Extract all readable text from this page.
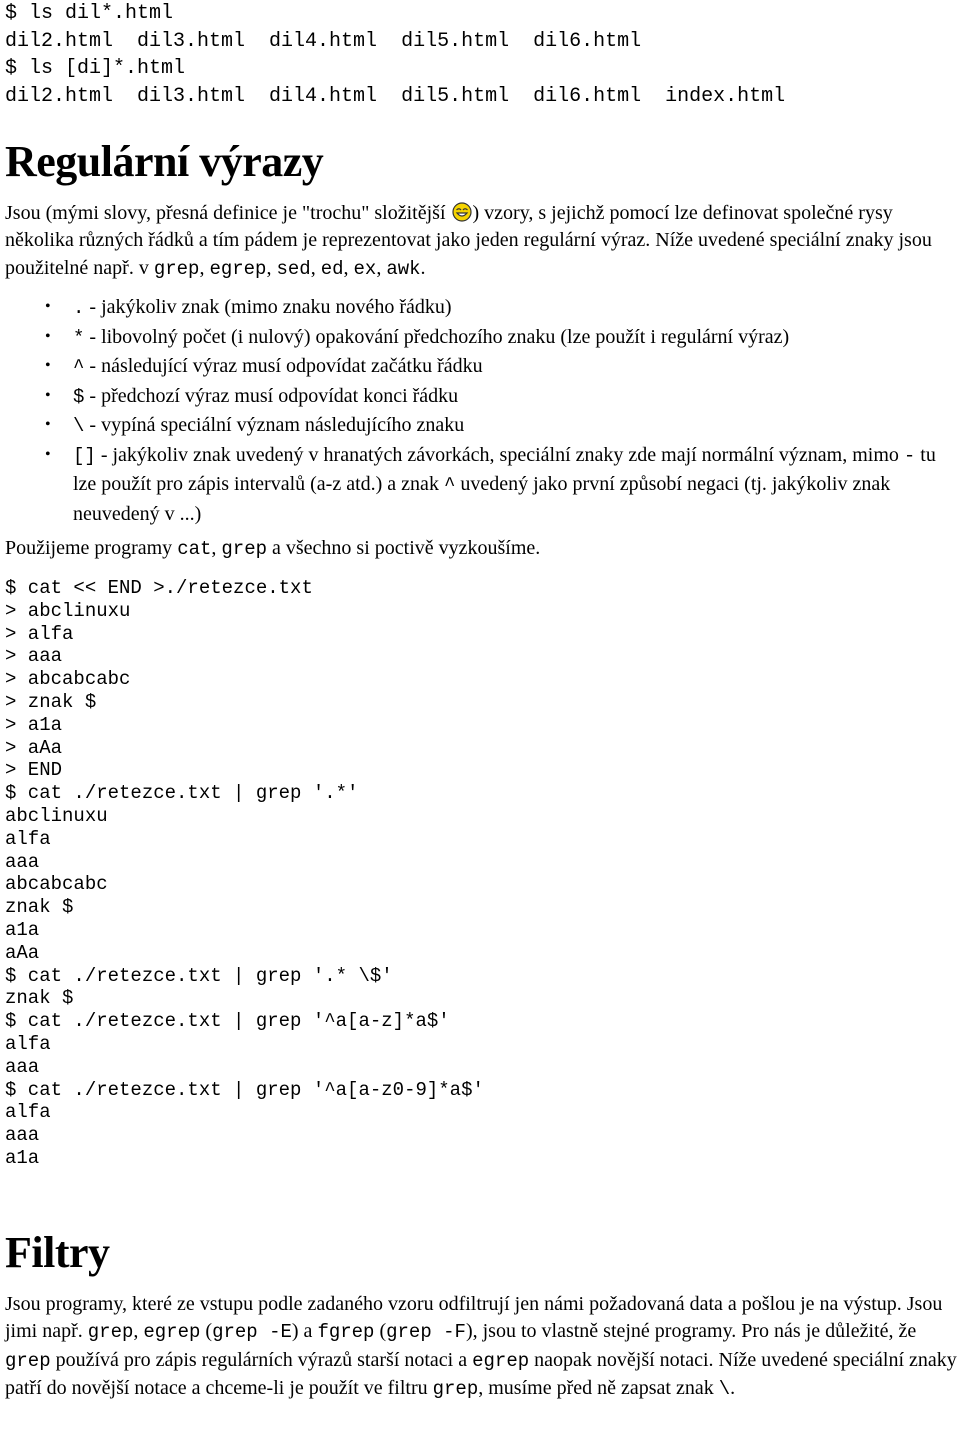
$ ls dil*.html
dil2.html  dil3.html  dil4.html  dil5.html  dil6.html
$ ls [di]*.html
dil2.html  dil3.html  dil4.html  dil5.html  dil6.html  index.html
Regulární výrazy

Jsou (mými slovy, přesná definice je "trochu" složitější ) vzory, s jejichž pomocí lze definovat společné rysy několika různých řádků a tím pádem je reprezentovat jako jeden regulární výraz. Níže uvedené speciální znaky jsou použitelné např. v grep, egrep, sed, ed, ex, awk.

• . - jakýkoliv znak (mimo znaku nového řádku)
• * - libovolný počet (i nulový) opakování předchozího znaku (lze použít i regulární výraz)
• ^ - následující výraz musí odpovídat začátku řádku
• $ - předchozí výraz musí odpovídat konci řádku
• \ - vypíná speciální význam následujícího znaku
• [] - jakýkoliv znak uvedený v hranatých závorkách, speciální znaky zde mají normální význam, mimo - tu lze použít pro zápis intervalů (a-z atd.) a znak ^ uvedený jako první způsobí negaci (tj. jakýkoliv znak neuvedený v ...)

Použijeme programy cat, grep a všechno si poctivě vyzkoušíme.

$ cat << END >./retezce.txt
> abclinuxu
> alfa
> aaa
> abcabcabc
> znak $
> a1a
> aAa
> END
$ cat ./retezce.txt | grep '.*'
abclinuxu
alfa
aaa
abcabcabc
znak $
a1a
aAa
$ cat ./retezce.txt | grep '.* \$'
znak $
$ cat ./retezce.txt | grep '^a[a-z]*a$'
alfa
aaa
$ cat ./retezce.txt | grep '^a[a-z0-9]*a$'
alfa
aaa
a1a
Filtry

Jsou programy, které ze vstupu podle zadaného vzoru odfiltrují jen námi požadovaná data a pošlou je na výstup. Jsou jimi např. grep, egrep (grep -E) a fgrep (grep -F), jsou to vlastně stejné programy. Pro nás je důležité, že grep používá pro zápis regulárních výrazů starší notaci a egrep naopak novější notaci. Níže uvedené speciální znaky patří do novější notace a chceme-li je použít ve filtru grep, musíme před ně zapsat znak \.
